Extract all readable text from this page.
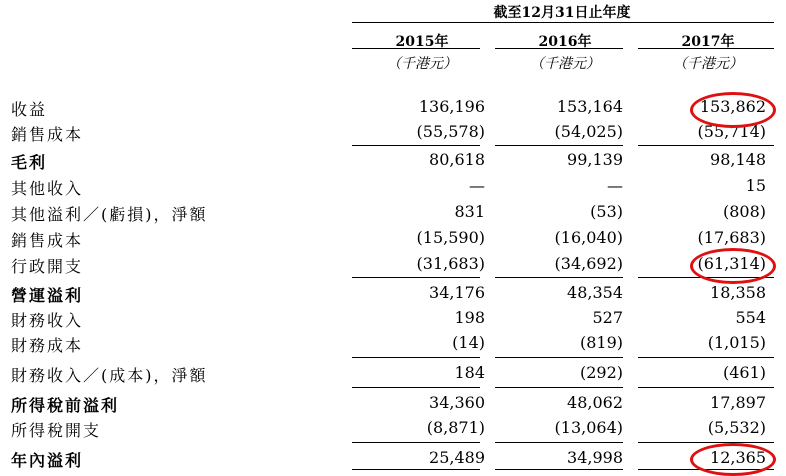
截至12月31日止年度
2015年	2016年	2017年
（千港元）	（千港元）	（千港元）
收益	136,196	153,164	153,862
銷售成本	(55,578)	(54,025)	(55,714)
毛利	80,618	99,139	98,148
其他收入	—	—	15
其他溢利／(虧損)，淨額	831	(53)	(808)
銷售成本	(15,590)	(16,040)	(17,683)
行政開支	(31,683)	(34,692)	(61,314)
營運溢利	34,176	48,354	18,358
財務收入	198	527	554
財務成本	(14)	(819)	(1,015)
財務收入／(成本)，淨額	184	(292)	(461)
所得稅前溢利	34,360	48,062	17,897
所得稅開支	(8,871)	(13,064)	(5,532)
年內溢利	25,489	34,998	12,365
